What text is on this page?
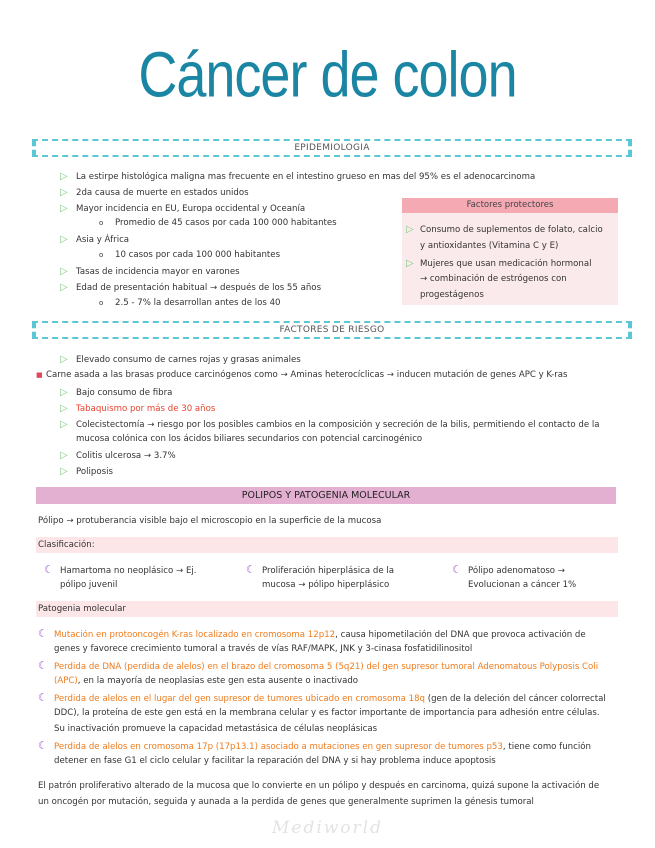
Cáncer de colon
EPIDEMIOLOGIA
▷ La estirpe histológica maligna mas frecuente en el intestino grueso en mas del 95% es el adenocarcinoma
▷ 2da causa de muerte en estados unidos
▷ Mayor incidencia en EU, Europa occidental y Oceanía
o Promedio de 45 casos por cada 100 000 habitantes
▷ Asia y África
o 10 casos por cada 100 000 habitantes
▷ Tasas de incidencia mayor en varones
▷ Edad de presentación habitual → después de los 55 años
o 2.5 - 7% la desarrollan antes de los 40
Factores protectores
▷ Consumo de suplementos de folato, calcio
y antioxidantes (Vitamina C y E)
▷ Mujeres que usan medicación hormonal
→ combinación de estrógenos con
progestágenos
FACTORES DE RIESGO
▷ Elevado consumo de carnes rojas y grasas animales
■ Carne asada a las brasas produce carcinógenos como → Aminas heterocíclicas → inducen mutación de genes APC y K-ras
▷ Bajo consumo de fibra
▷ Tabaquismo por más de 30 años
▷ Colecistectomía → riesgo por los posibles cambios en la composición y secreción de la bilis, permitiendo el contacto de la
mucosa colónica con los ácidos biliares secundarios con potencial carcinogénico
▷ Colitis ulcerosa → 3.7%
▷ Poliposis
POLIPOS Y PATOGENIA MOLECULAR
Pólipo → protuberancia visible bajo el microscopio en la superficie de la mucosa
Clasificación:
☾ Hamartoma no neoplásico → Ej.
pólipo juvenil
☾ Proliferación hiperplásica de la
mucosa → pólipo hiperplásico
☾ Pólipo adenomatoso →
Evolucionan a cáncer 1%
Patogenia molecular
☾ Mutación en protooncogén K-ras localizado en cromosoma 12p12, causa hipometilación del DNA que provoca activación de
genes y favorece crecimiento tumoral a través de vías RAF/MAPK, JNK y 3-cinasa fosfatidilinositol
☾ Perdida de DNA (perdida de alelos) en el brazo del cromosoma 5 (5q21) del gen supresor tumoral Adenomatous Polyposis Coli
(APC), en la mayoría de neoplasias este gen esta ausente o inactivado
☾ Perdida de alelos en el lugar del gen supresor de tumores ubicado en cromosoma 18q (gen de la deleción del cáncer colorrectal
DDC), la proteína de este gen está en la membrana celular y es factor importante de importancia para adhesión entre células.
Su inactivación promueve la capacidad metastásica de células neoplásicas
☾ Perdida de alelos en cromosoma 17p (17p13.1) asociado a mutaciones en gen supresor de tumores p53, tiene como función
detener en fase G1 el ciclo celular y facilitar la reparación del DNA y si hay problema induce apoptosis
El patrón proliferativo alterado de la mucosa que lo convierte en un pólipo y después en carcinoma, quizá supone la activación de
un oncogén por mutación, seguida y aunada a la perdida de genes que generalmente suprimen la génesis tumoral
Mediworld
